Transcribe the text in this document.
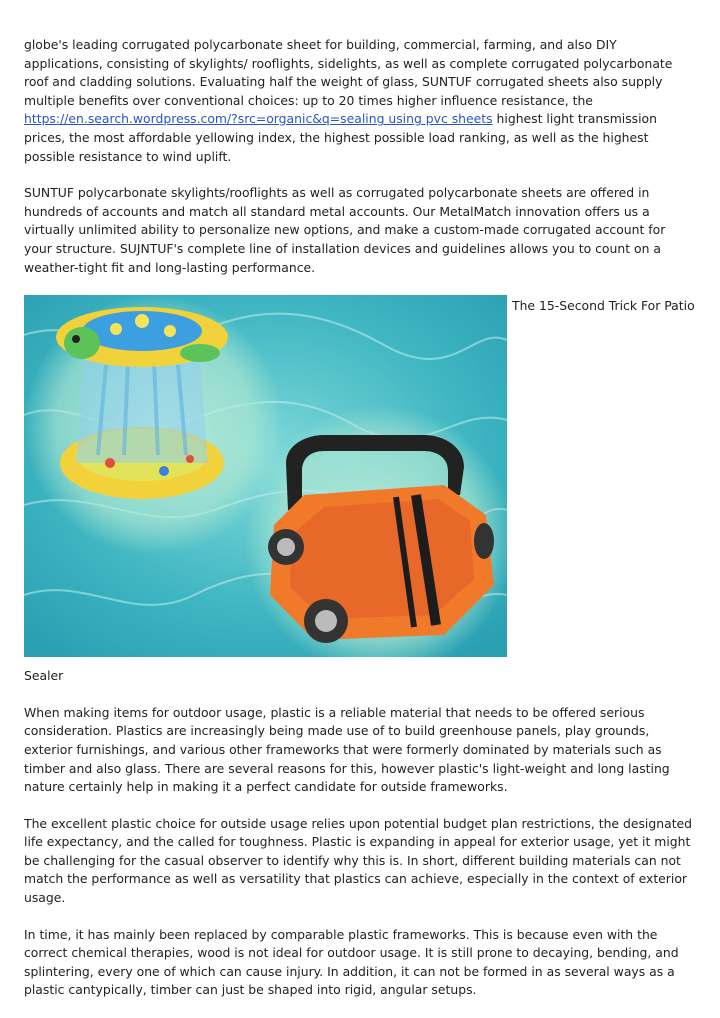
globe's leading corrugated polycarbonate sheet for building, commercial, farming, and also DIY applications, consisting of skylights/ rooflights, sidelights, as well as complete corrugated polycarbonate roof and cladding solutions. Evaluating half the weight of glass, SUNTUF corrugated sheets also supply multiple benefits over conventional choices: up to 20 times higher influence resistance, the https://en.search.wordpress.com/?src=organic&q=sealing using pvc sheets highest light transmission prices, the most affordable yellowing index, the highest possible load ranking, as well as the highest possible resistance to wind uplift.

SUNTUF polycarbonate skylights/rooflights as well as corrugated polycarbonate sheets are offered in hundreds of accounts and match all standard metal accounts. Our MetalMatch innovation offers us a virtually unlimited ability to personalize new options, and make a custom-made corrugated account for your structure. SUJNTUF's complete line of installation devices and guidelines allows you to count on a weather-tight fit and long-lasting performance.

The 15-Second Trick For Patio

Sealer

When making items for outdoor usage, plastic is a reliable material that needs to be offered serious consideration. Plastics are increasingly being made use of to build greenhouse panels, play grounds, exterior furnishings, and various other frameworks that were formerly dominated by materials such as timber and also glass. There are several reasons for this, however plastic's light-weight and long lasting nature certainly help in making it a perfect candidate for outside frameworks.

The excellent plastic choice for outside usage relies upon potential budget plan restrictions, the designated life expectancy, and the called for toughness. Plastic is expanding in appeal for exterior usage, yet it might be challenging for the casual observer to identify why this is. In short, different building materials can not match the performance as well as versatility that plastics can achieve, especially in the context of exterior usage.

In time, it has mainly been replaced by comparable plastic frameworks. This is because even with the correct chemical therapies, wood is not ideal for outdoor usage. It is still prone to decaying, bending, and splintering, every one of which can cause injury. In addition, it can not be formed in as several ways as a plastic cantypically, timber can just be shaped into rigid, angular setups.
